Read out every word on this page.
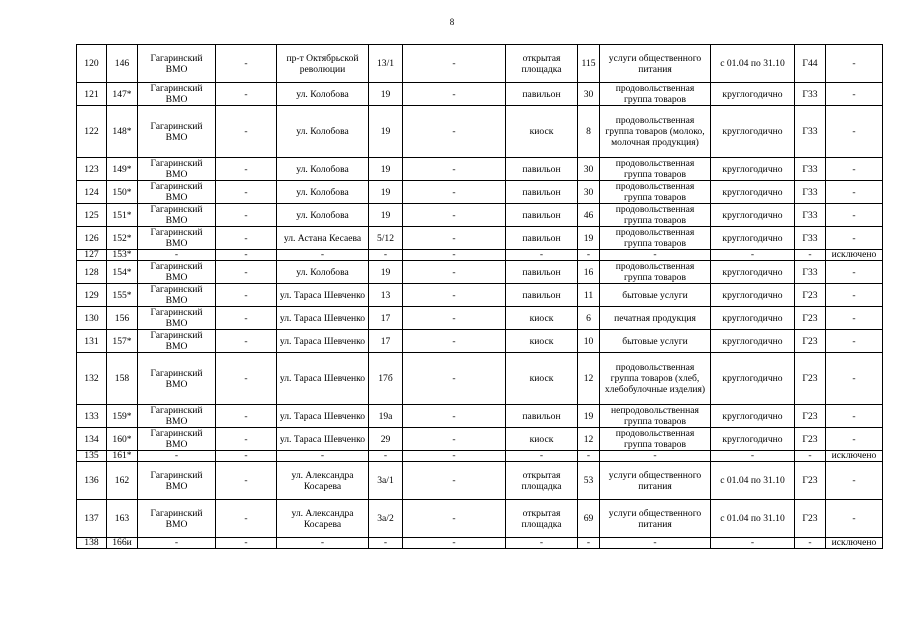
8
120	146	Гагаринский ВМО	-	пр-т Октябрьской революции	13/1	-	открытая площадка	115	услуги общественного питания	с 01.04 по 31.10	Г44	-
121	147*	Гагаринский ВМО	-	ул. Колобова	19	-	павильон	30	продовольственная группа товаров	круглогодично	Г33	-
122	148*	Гагаринский ВМО	-	ул. Колобова	19	-	киоск	8	продовольственная группа товаров (молоко, молочная продукция)	круглогодично	Г33	-
123	149*	Гагаринский ВМО	-	ул. Колобова	19	-	павильон	30	продовольственная группа товаров	круглогодично	Г33	-
124	150*	Гагаринский ВМО	-	ул. Колобова	19	-	павильон	30	продовольственная группа товаров	круглогодично	Г33	-
125	151*	Гагаринский ВМО	-	ул. Колобова	19	-	павильон	46	продовольственная группа товаров	круглогодично	Г33	-
126	152*	Гагаринский ВМО	-	ул. Астана Кесаева	5/12	-	павильон	19	продовольственная группа товаров	круглогодично	Г33	-
127	153*	-	-	-	-	-	-	-	-	-	-	исключено
128	154*	Гагаринский ВМО	-	ул. Колобова	19	-	павильон	16	продовольственная группа товаров	круглогодично	Г33	-
129	155*	Гагаринский ВМО	-	ул. Тараса Шевченко	13	-	павильон	11	бытовые услуги	круглогодично	Г23	-
130	156	Гагаринский ВМО	-	ул. Тараса Шевченко	17	-	киоск	6	печатная продукция	круглогодично	Г23	-
131	157*	Гагаринский ВМО	-	ул. Тараса Шевченко	17	-	киоск	10	бытовые услуги	круглогодично	Г23	-
132	158	Гагаринский ВМО	-	ул. Тараса Шевченко	17б	-	киоск	12	продовольственная группа товаров (хлеб, хлебобулочные изделия)	круглогодично	Г23	-
133	159*	Гагаринский ВМО	-	ул. Тараса Шевченко	19а	-	павильон	19	непродовольственная группа товаров	круглогодично	Г23	-
134	160*	Гагаринский ВМО	-	ул. Тараса Шевченко	29	-	киоск	12	продовольственная группа товаров	круглогодично	Г23	-
135	161*	-	-	-	-	-	-	-	-	-	-	исключено
136	162	Гагаринский ВМО	-	ул. Александра Косарева	3а/1	-	открытая площадка	53	услуги общественного питания	с 01.04 по 31.10	Г23	-
137	163	Гагаринский ВМО	-	ул. Александра Косарева	3а/2	-	открытая площадка	69	услуги общественного питания	с 01.04 по 31.10	Г23	-
138	166и	-	-	-	-	-	-	-	-	-	-	исключено
